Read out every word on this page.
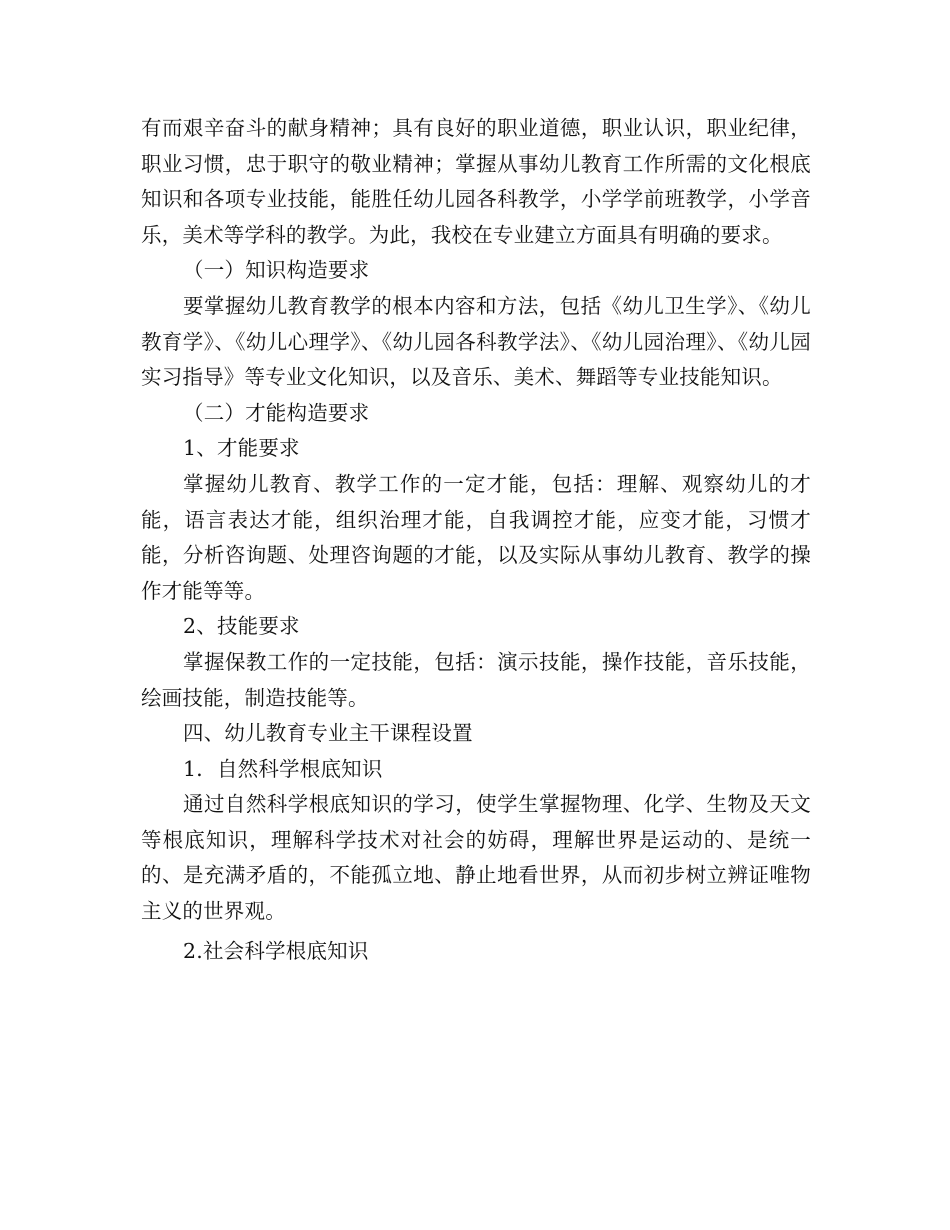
有而艰辛奋斗的献身精神；具有良好的职业道德，职业认识，职业纪律，职业习惯，忠于职守的敬业精神；掌握从事幼儿教育工作所需的文化根底知识和各项专业技能，能胜任幼儿园各科教学，小学学前班教学，小学音乐，美术等学科的教学。为此，我校在专业建立方面具有明确的要求。

（一）知识构造要求

要掌握幼儿教育教学的根本内容和方法，包括《幼儿卫生学》、《幼儿教育学》、《幼儿心理学》、《幼儿园各科教学法》、《幼儿园治理》、《幼儿园实习指导》等专业文化知识，以及音乐、美术、舞蹈等专业技能知识。

（二）才能构造要求

1、才能要求

掌握幼儿教育、教学工作的一定才能，包括：理解、观察幼儿的才能，语言表达才能，组织治理才能，自我调控才能，应变才能，习惯才能，分析咨询题、处理咨询题的才能，以及实际从事幼儿教育、教学的操作才能等等。

2、技能要求

掌握保教工作的一定技能，包括：演示技能，操作技能，音乐技能，绘画技能，制造技能等。

四、幼儿教育专业主干课程设置

1．自然科学根底知识

通过自然科学根底知识的学习，使学生掌握物理、化学、生物及天文等根底知识，理解科学技术对社会的妨碍，理解世界是运动的、是统一的、是充满矛盾的，不能孤立地、静止地看世界，从而初步树立辨证唯物主义的世界观。

2.社会科学根底知识
